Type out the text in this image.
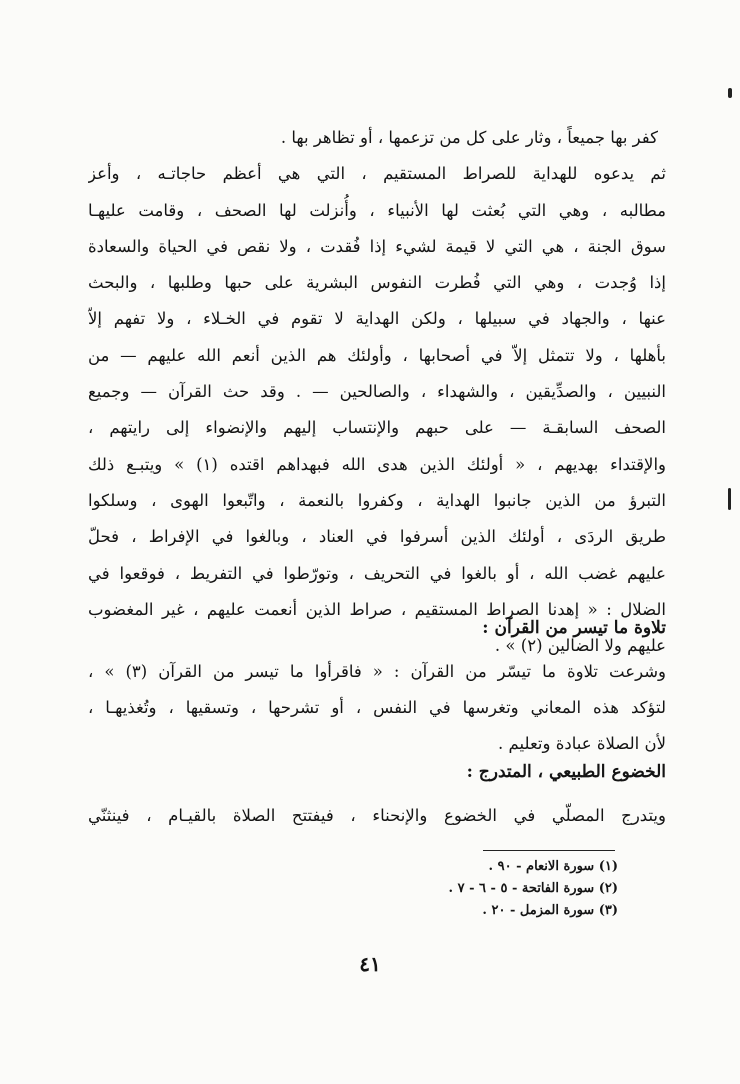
كفر بها جميعاً ، وثار على كل من تزعمها ، أو تظاهر بها .
ثم يدعوه للهداية للصراط المستقيم ، التي هي أعظم حاجاتـه ، وأعز
مطالبه ، وهي التي بُعثت لها الأنبياء ، وأُنزلت لها الصحف ، وقامت عليهـا
سوق الجنة ، هي التي لا قيمة لشيء إذا فُقدت ، ولا نقص في الحياة والسعادة
إذا وُجدت ، وهي التي فُطرت النفوس البشرية على حبها وطلبها ، والبحث
عنها ، والجهاد في سبيلها ، ولكن الهداية لا تقوم في الخـلاء ، ولا تفهم إلاّ
بأهلها ، ولا تتمثل إلاّ في أصحابها ، وأولئك هم الذين أنعم الله عليهم — من
النبيين ، والصدِّيقين ، والشهداء ، والصالحين — . وقد حث القرآن — وجميع
الصحف السابقـة — على حبهم والإنتساب إليهم والإنضواء إلى رايتهم ،
والإقتداء بهديهم ، « أولئك الذين هدى الله فبهداهم اقتده (١) » ويتبـع ذلك
التبرؤ من الذين جانبوا الهداية ، وكفروا بالنعمة ، واتّبعوا الهوى ، وسلكوا
طريق الردَى ، أولئك الذين أسرفوا في العناد ، وبالغوا في الإفراط ، فحلّ
عليهم غضب الله ، أو بالغوا في التحريف ، وتورّطوا في التفريط ، فوقعوا في
الضلال : « إهدنا الصراط المستقيم ، صراط الذين أنعمت عليهم ، غير المغضوب
عليهم ولا الضالين (٢) » .
تلاوة ما تيسر من القرآن :
وشرعت تلاوة ما تيسّر من القرآن : « فاقرأوا ما تيسر من القرآن (٣) » ،
لتؤكد هذه المعاني وتغرسها في النفس ، أو تشرحها ، وتسقيها ، وتُغذيهـا ،
لأن الصلاة عبادة وتعليم .
الخضوع الطبيعي ، المتدرج :
ويتدرج المصلّي في الخضوع والإنحناء ، فيفتتح الصلاة بالقيـام ، فينثنّي
(١) سورة الانعام - ٩٠ .
(٢) سورة الفاتحة - ٥ - ٦ - ٧ .
(٣) سورة المزمل - ٢٠ .
٤١
